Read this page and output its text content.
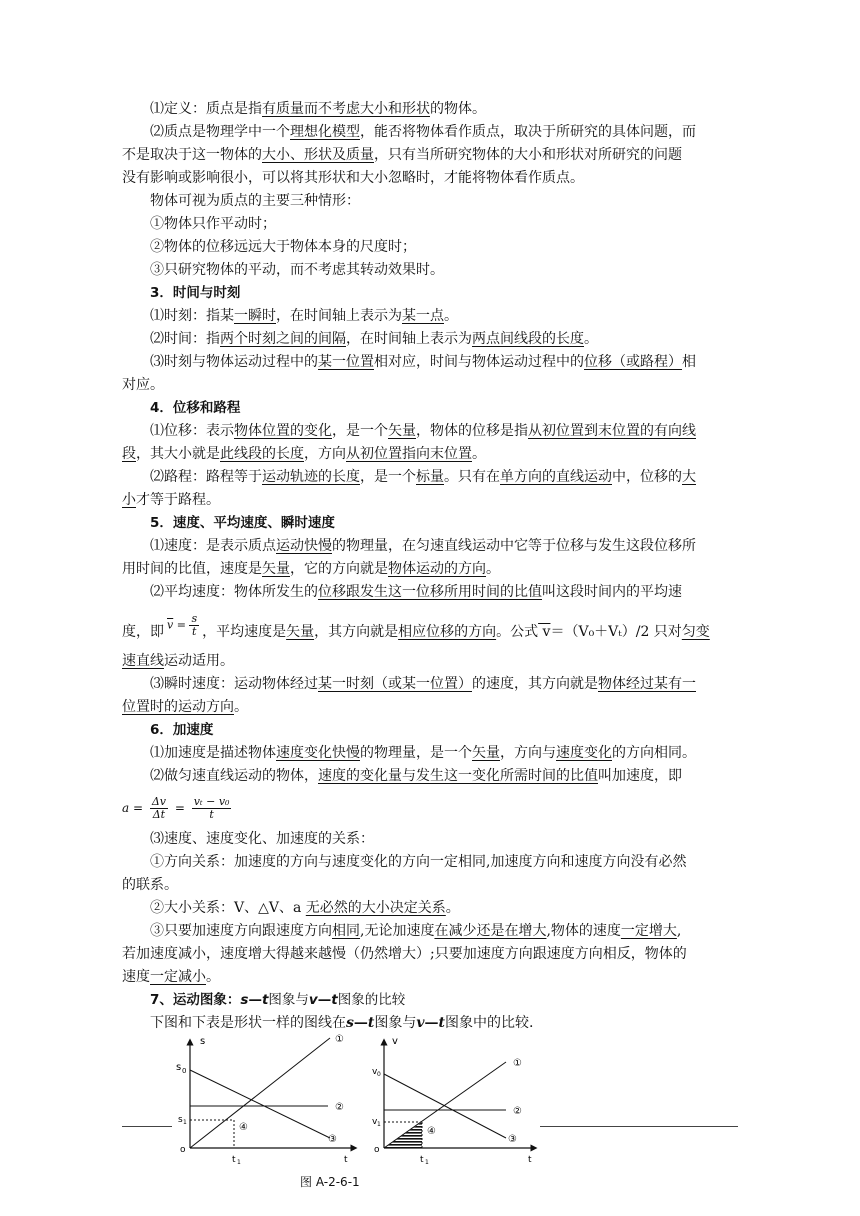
⑴定义：质点是指有质量而不考虑大小和形状的物体。
⑵质点是物理学中一个理想化模型，能否将物体看作质点，取决于所研究的具体问题，而
不是取决于这一物体的大小、形状及质量，只有当所研究物体的大小和形状对所研究的问题
没有影响或影响很小，可以将其形状和大小忽略时，才能将物体看作质点。
物体可视为质点的主要三种情形：
①物体只作平动时；
②物体的位移远远大于物体本身的尺度时；
③只研究物体的平动，而不考虑其转动效果时。
3．时间与时刻
⑴时刻：指某一瞬时，在时间轴上表示为某一点。
⑵时间：指两个时刻之间的间隔，在时间轴上表示为两点间线段的长度。
⑶时刻与物体运动过程中的某一位置相对应，时间与物体运动过程中的位移（或路程）相
对应。
4．位移和路程
⑴位移：表示物体位置的变化，是一个矢量，物体的位移是指从初位置到末位置的有向线
段，其大小就是此线段的长度，方向从初位置指向末位置。
⑵路程：路程等于运动轨迹的长度，是一个标量。只有在单方向的直线运动中，位移的大
小才等于路程。
5．速度、平均速度、瞬时速度
⑴速度：是表示质点运动快慢的物理量，在匀速直线运动中它等于位移与发生这段位移所
用时间的比值，速度是矢量，它的方向就是物体运动的方向。
⑵平均速度：物体所发生的位移跟发生这一位移所用时间的比值叫这段时间内的平均速
度，即 $\overline{v} = \frac{s}{t}$ ，平均速度是矢量，其方向就是相应位移的方向。公式 v＝（V₀＋Vₜ）/2 只对匀变
速直线运动适用。
⑶瞬时速度：运动物体经过某一时刻（或某一位置）的速度，其方向就是物体经过某有一
位置时的运动方向。
6．加速度
⑴加速度是描述物体速度变化快慢的物理量，是一个矢量，方向与速度变化的方向相同。
⑵做匀速直线运动的物体，速度的变化量与发生这一变化所需时间的比值叫加速度，即
$a = \frac{\Delta v}{\Delta t} = \frac{\text{vₜ − v₀}}{t}$
⑶速度、速度变化、加速度的关系：
①方向关系：加速度的方向与速度变化的方向一定相同,加速度方向和速度方向没有必然
的联系。
②大小关系：V、△V、a 无必然的大小决定关系。
③只要加速度方向跟速度方向相同,无论加速度在减少还是在增大,物体的速度一定增大,
若加速度减小，速度增大得越来越慢（仍然增大）;只要加速度方向跟速度方向相反，物体的
速度一定减小。
7、运动图象：s—t图象与v—t图象的比较
下图和下表是形状一样的图线在s—t图象与v—t图象中的比较.
s
s 0
s 1
o
t 1	t
①
②
③
④
v
v 0
v 1
o
t 1	t
①
②
③
④
图 A-2-6-1
